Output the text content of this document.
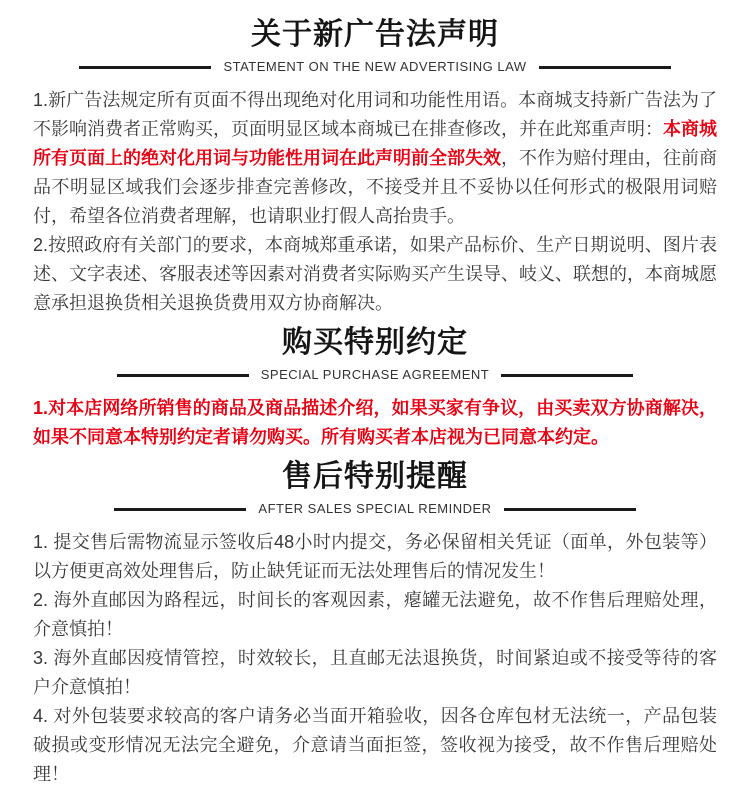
关于新广告法声明
STATEMENT ON THE NEW ADVERTISING LAW

1.新广告法规定所有页面不得出现绝对化用词和功能性用语。本商城支持新广告法为了不影响消费者正常购买，页面明显区域本商城已在排查修改，并在此郑重声明：本商城所有页面上的绝对化用词与功能性用词在此声明前全部失效，不作为赔付理由，往前商品不明显区域我们会逐步排查完善修改，不接受并且不妥协以任何形式的极限用词赔付，希望各位消费者理解，也请职业打假人高抬贵手。

2.按照政府有关部门的要求，本商城郑重承诺，如果产品标价、生产日期说明、图片表述、文字表述、客服表述等因素对消费者实际购买产生误导、岐义、联想的，本商城愿意承担退换货相关退换货费用双方协商解决。

购买特别约定
SPECIAL PURCHASE AGREEMENT

1.对本店网络所销售的商品及商品描述介绍，如果买家有争议，由买卖双方协商解决，如果不同意本特别约定者请勿购买。所有购买者本店视为已同意本约定。

售后特别提醒
AFTER SALES SPECIAL REMINDER

1. 提交售后需物流显示签收后48小时内提交，务必保留相关凭证（面单，外包装等）以方便更高效处理售后，防止缺凭证而无法处理售后的情况发生！

2. 海外直邮因为路程远，时间长的客观因素，瘪罐无法避免，故不作售后理赔处理，介意慎拍！

3. 海外直邮因疫情管控，时效较长，且直邮无法退换货，时间紧迫或不接受等待的客户介意慎拍！

4. 对外包装要求较高的客户请务必当面开箱验收，因各仓库包材无法统一，产品包装破损或变形情况无法完全避免，介意请当面拒签，签收视为接受，故不作售后理赔处理！
